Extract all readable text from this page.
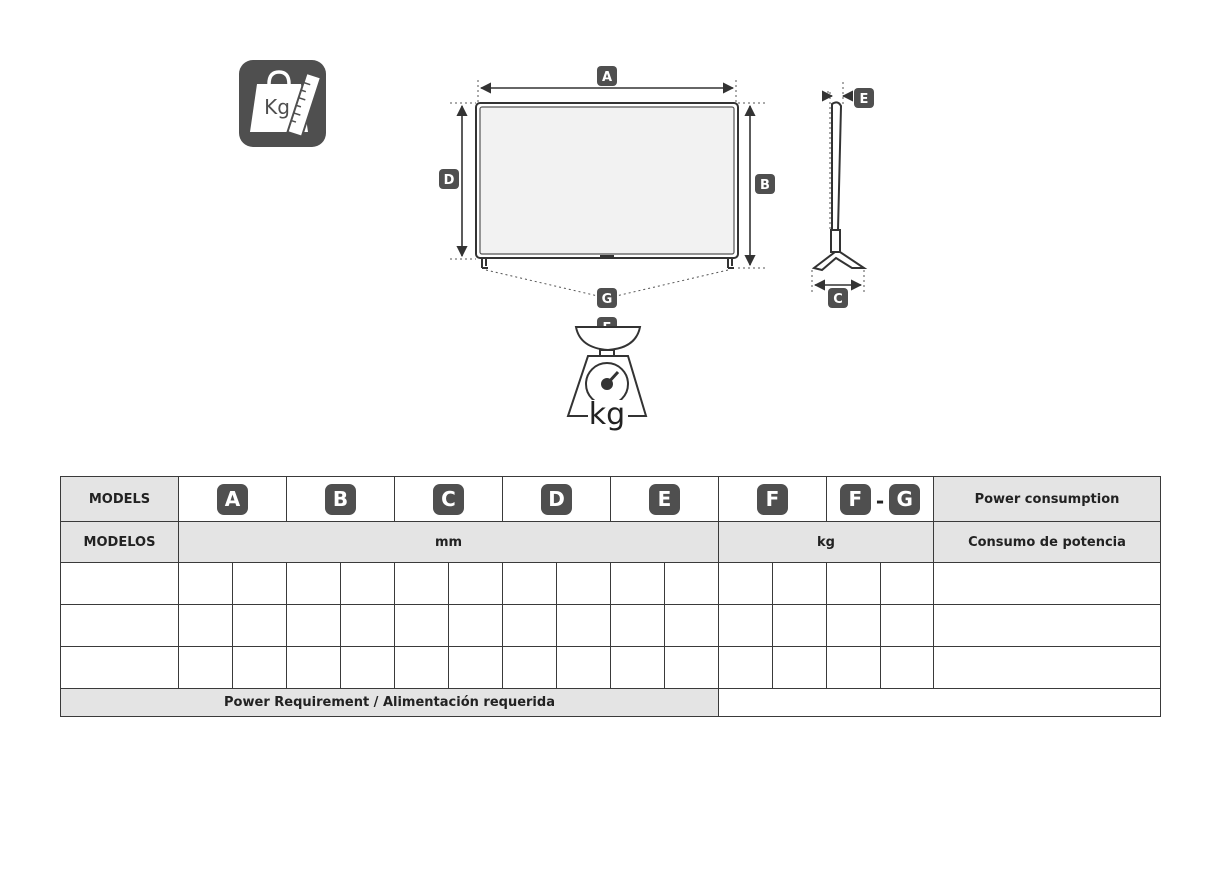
Kg
A
B
C
D
E
G
kg
MODELS	A		B		C		D		E		F		F - G		Power consumption
MODELOS	mm										kg				Consumo de potencia

Power Requirement / Alimentación requerida															
